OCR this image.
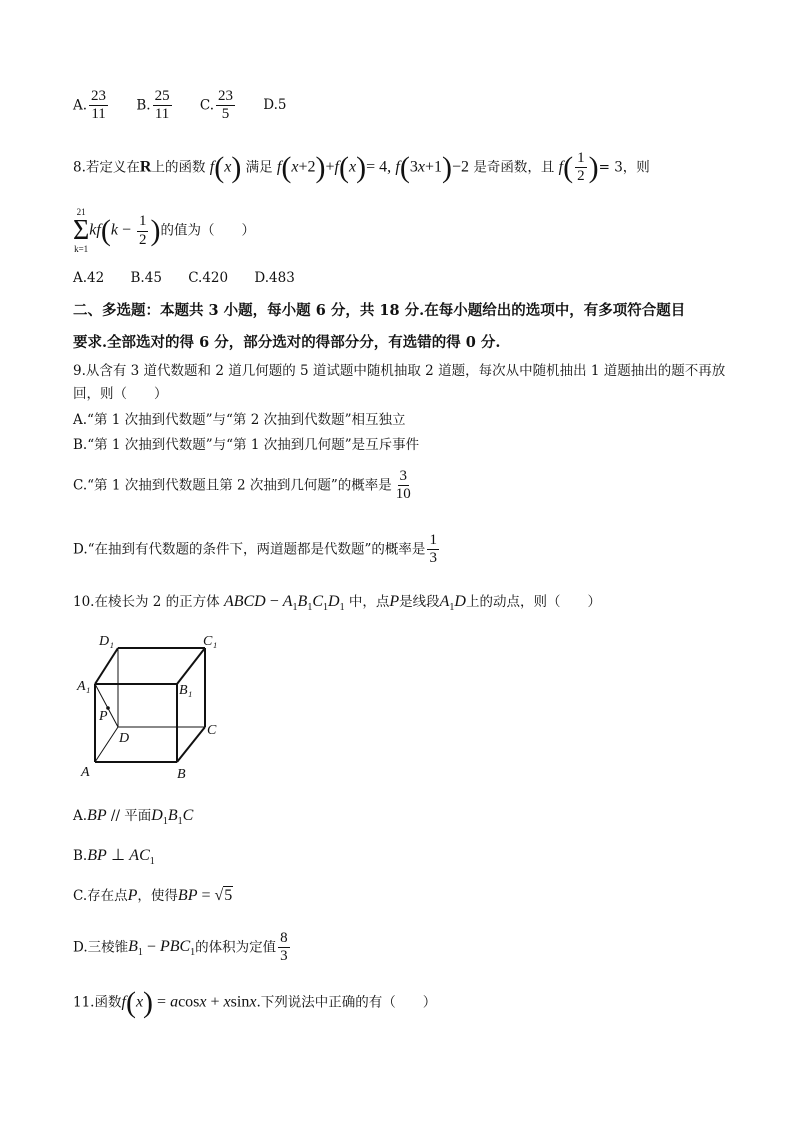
A. $\frac{23}{11} B$. $\frac{25}{11} C$. $\frac{23}{5} D.5$
8.若定义在R上的函数 f(x) 满足 f(x+2)+f(x)= 4, f(3x+1)−2 是奇函数，且 $f( \frac{1}{2}$ )= 3，则
21
Σ
k=1
$kf(k - \frac{1}{2}$ )的值为（　　）
A.42 B.45 C.420 D.483
二、多选题：本题共 3 小题，每小题 6 分，共 18 分.在每小题给出的选项中，有多项符合题目
要求.全部选对的得 6 分，部分选对的得部分分，有选错的得 0 分.
9.从含有 3 道代数题和 2 道几何题的 5 道试题中随机抽取 2 道题，每次从中随机抽出 1 道题抽出的题不再放
回，则（　　）
A.“第 1 次抽到代数题”与“第 2 次抽到代数题”相互独立
B.“第 1 次抽到代数题”与“第 1 次抽到几何题”是互斥事件
C.“第 1 次抽到代数题且第 2 次抽到几何题”的概率是 $\frac{3}{10}$
D.“在抽到有代数题的条件下，两道题都是代数题”的概率是 $\frac{1}{3}$
10.在棱长为 2 的正方体 ABCD − $A_1B_1C_1D_1$ 中，点P是线段$A_1D$上的动点，则（　　）
D₁	C₁
A₁	B₁
P
D
C
A	B
A.BP // 平面$D_1B_1C$
B.BP ⊥ $AC_1$
C.存在点P，使得BP = √5
D.三棱锥$B_1 - PBC_1$的体积为定值 $\frac{8}{3}$
11.函数f(x) = acosx + xsinx.下列说法中正确的有（　　）
